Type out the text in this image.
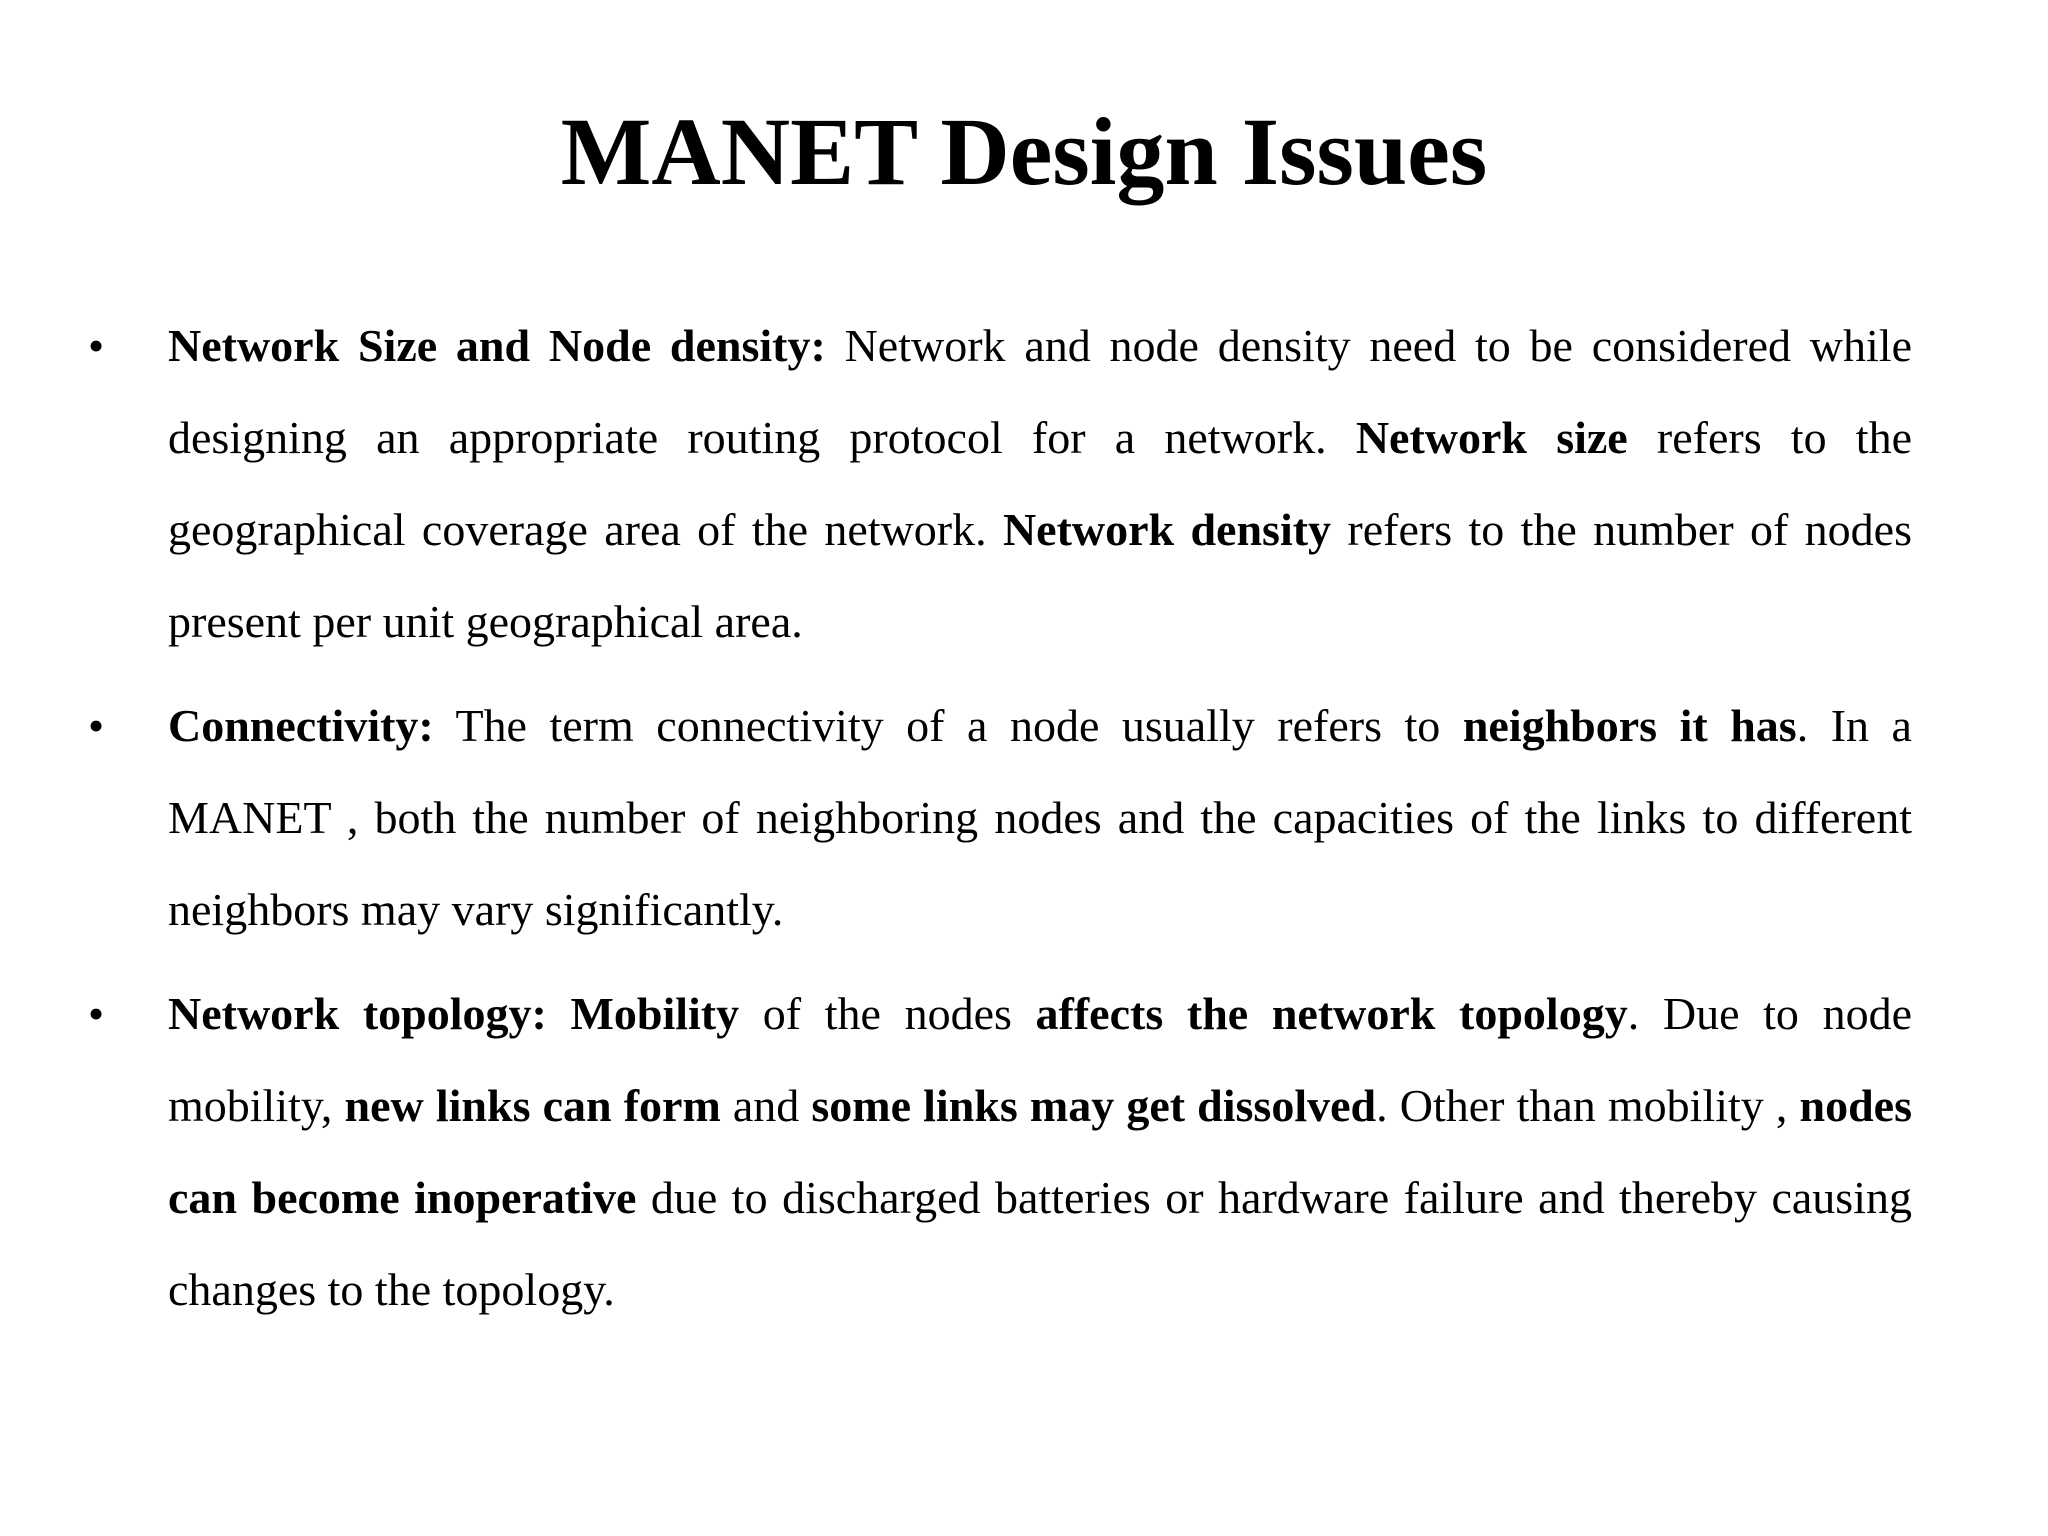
MANET Design Issues
• Network Size and Node density: Network and node density need to be considered while designing an appropriate routing protocol for a network. Network size refers to the geographical coverage area of the network. Network density refers to the number of nodes present per unit geographical area.
• Connectivity: The term connectivity of a node usually refers to neighbors it has. In a MANET , both the number of neighboring nodes and the capacities of the links to different neighbors may vary significantly.
• Network topology: Mobility of the nodes affects the network topology. Due to node mobility, new links can form and some links may get dissolved. Other than mobility , nodes can become inoperative due to discharged batteries or hardware failure and thereby causing changes to the topology.
